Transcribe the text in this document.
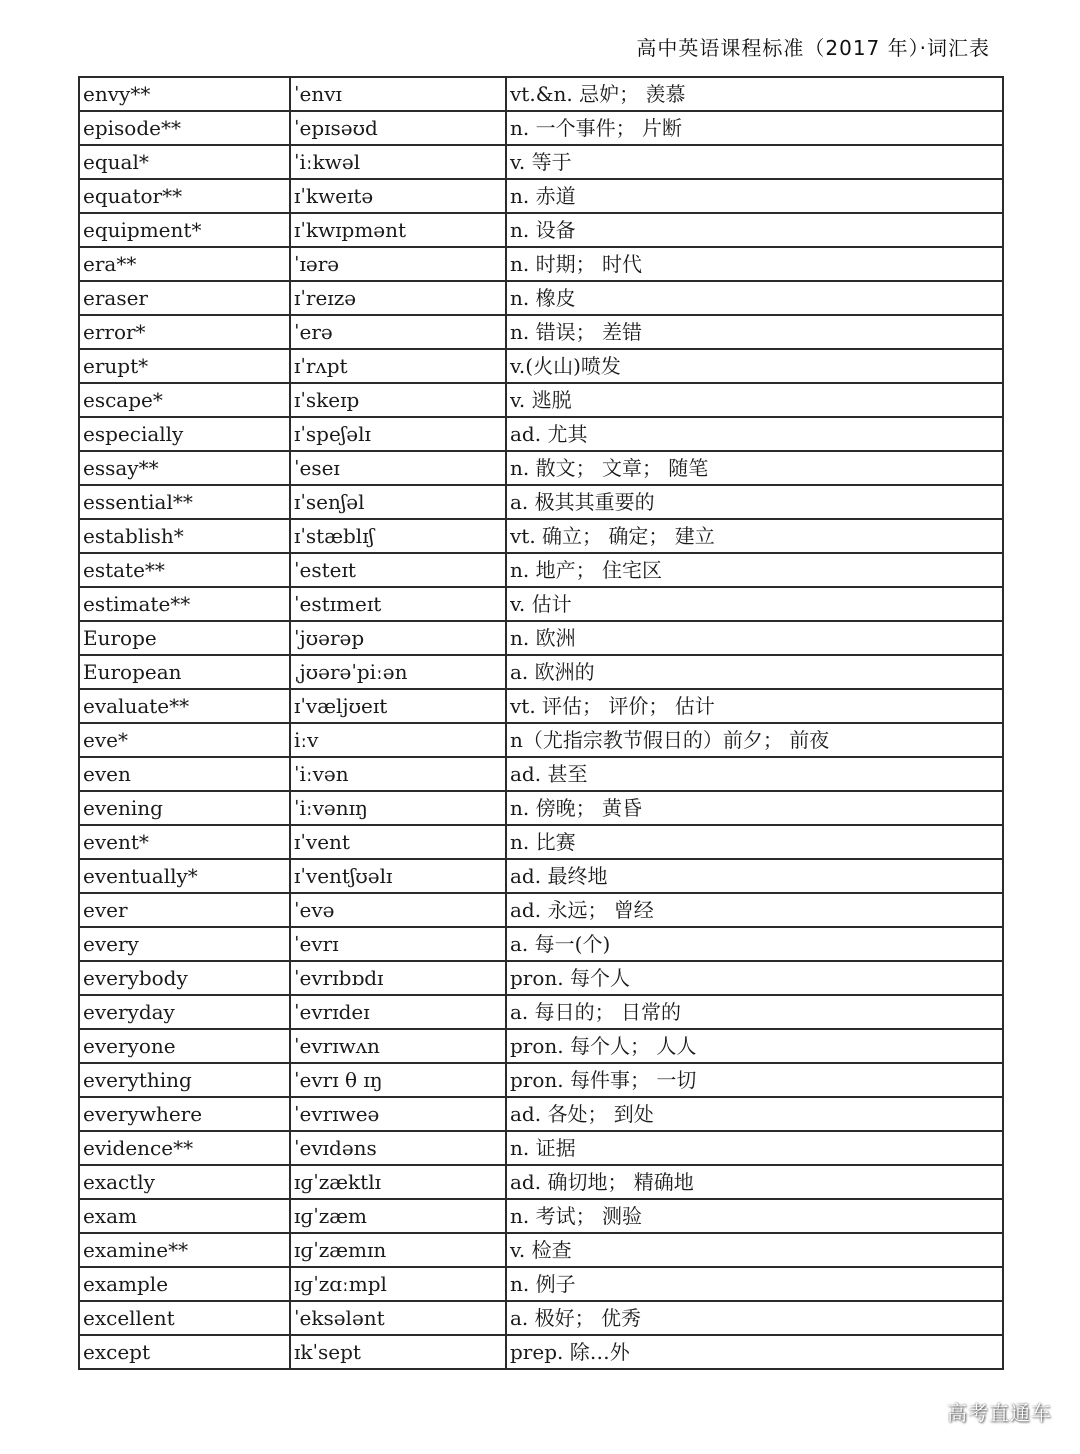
高中英语课程标准（2017 年）·词汇表
envy**	ˈenvɪ	vt.&n. 忌妒； 羡慕
episode**	ˈepɪsəʊd	n. 一个事件； 片断
equal*	ˈiːkwəl	v. 等于
equator**	ɪˈkweɪtə	n. 赤道
equipment*	ɪˈkwɪpmənt	n. 设备
era**	ˈɪərə	n. 时期； 时代
eraser	ɪˈreɪzə	n. 橡皮
error*	ˈerə	n. 错误； 差错
erupt*	ɪˈrʌpt	v.(火山)喷发
escape*	ɪˈskeɪp	v. 逃脱
especially	ɪˈspeʃəlɪ	ad. 尤其
essay**	ˈeseɪ	n. 散文； 文章； 随笔
essential**	ɪˈsenʃəl	a. 极其其重要的
establish*	ɪˈstæblɪʃ	vt. 确立； 确定； 建立
estate**	ˈesteɪt	n. 地产； 住宅区
estimate**	ˈestɪmeɪt	v. 估计
Europe	ˈjʊərəp	n. 欧洲
European	ˌjʊərəˈpiːən	a. 欧洲的
evaluate**	ɪˈvæljʊeɪt	vt. 评估； 评价； 估计
eve*	iːv	n（尤指宗教节假日的）前夕； 前夜
even	ˈiːvən	ad. 甚至
evening	ˈiːvənɪŋ	n. 傍晚； 黄昏
event*	ɪˈvent	n. 比赛
eventually*	ɪˈventʃʊəlɪ	ad. 最终地
ever	ˈevə	ad. 永远； 曾经
every	ˈevrɪ	a. 每一(个)
everybody	ˈevrɪbɒdɪ	pron. 每个人
everyday	ˈevrɪdeɪ	a. 每日的； 日常的
everyone	ˈevrɪwʌn	pron. 每个人； 人人
everything	ˈevrɪ θ ɪŋ	pron. 每件事； 一切
everywhere	ˈevrɪweə	ad. 各处； 到处
evidence**	ˈevɪdəns	n. 证据
exactly	ɪɡˈzæktlɪ	ad. 确切地； 精确地
exam	ɪɡˈzæm	n. 考试； 测验
examine**	ɪɡˈzæmɪn	v. 检查
example	ɪɡˈzɑːmpl	n. 例子
excellent	ˈeksələnt	a. 极好； 优秀
except	ɪkˈsept	prep. 除…外
高考直通车
